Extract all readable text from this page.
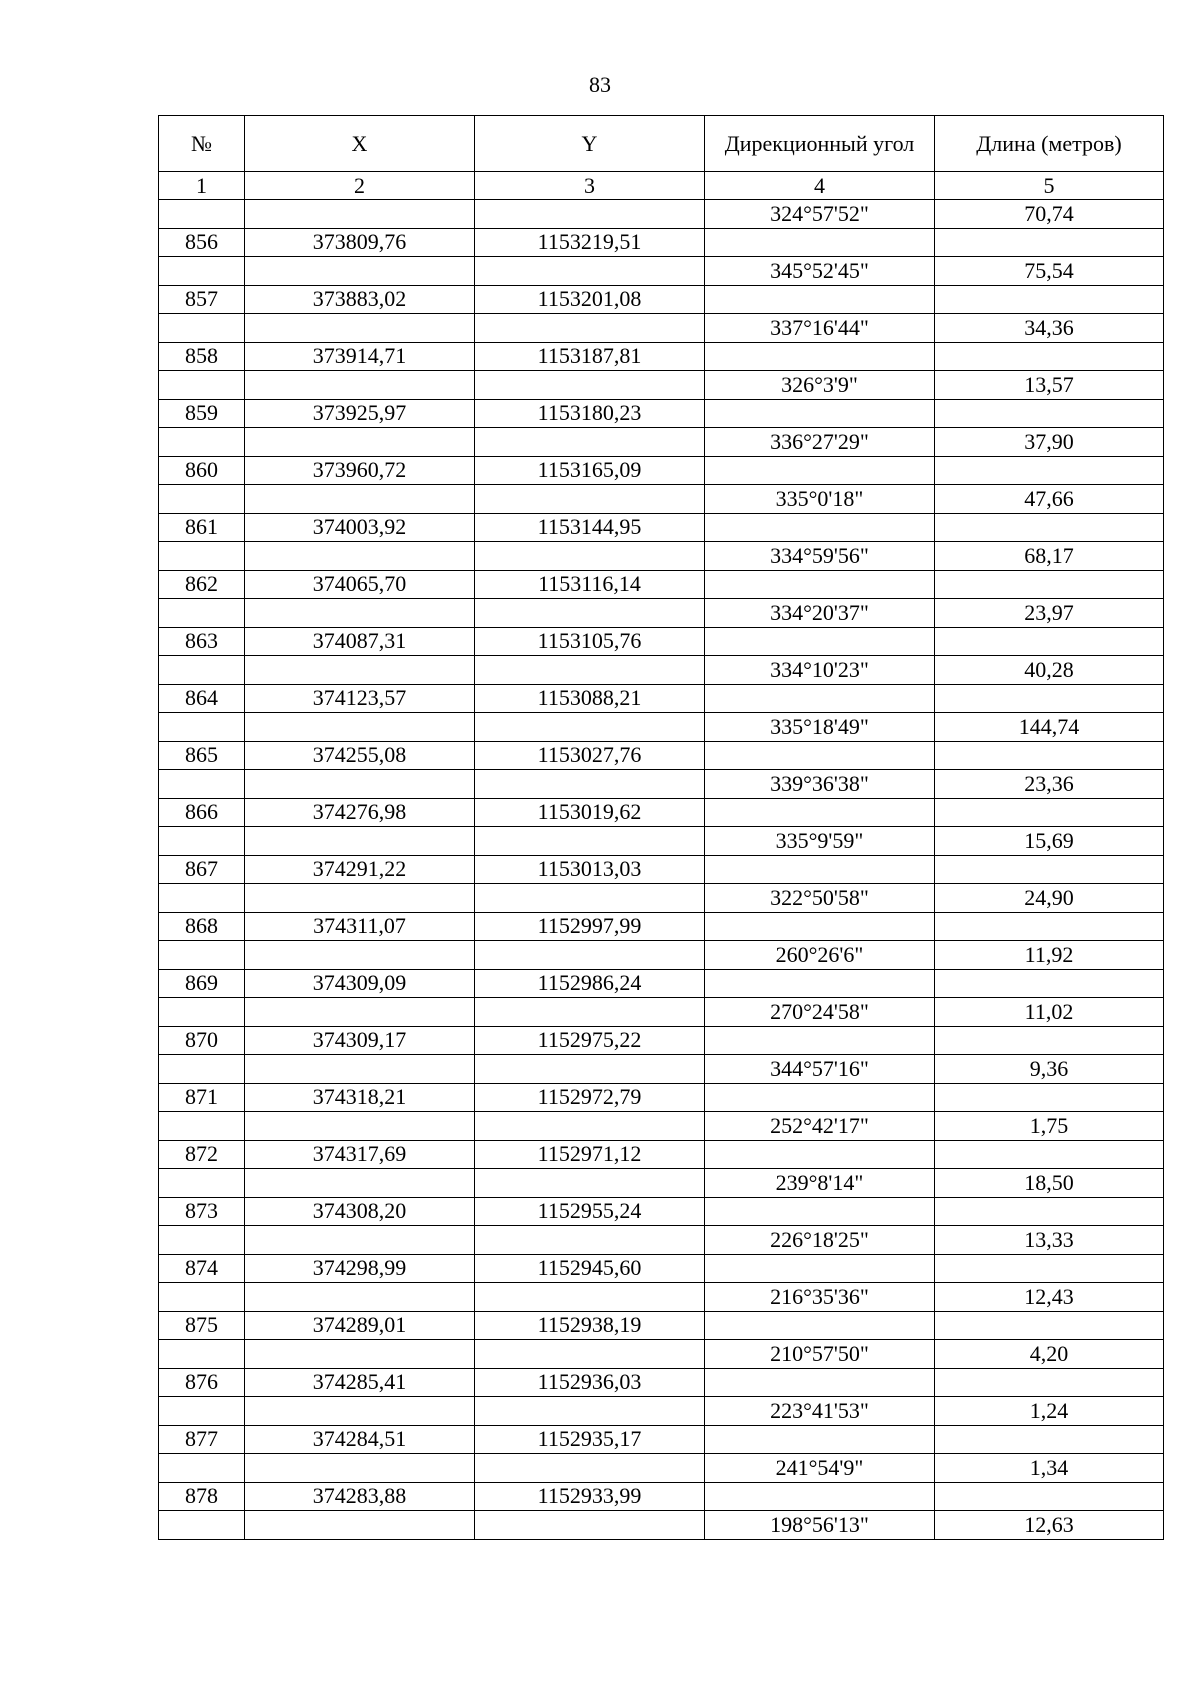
83
№	X	Y	Дирекционный угол	Длина (метров)
1	2	3	4	5
			324°57'52"	70,74
856	373809,76	1153219,51		
			345°52'45"	75,54
857	373883,02	1153201,08		
			337°16'44"	34,36
858	373914,71	1153187,81		
			326°3'9"	13,57
859	373925,97	1153180,23		
			336°27'29"	37,90
860	373960,72	1153165,09		
			335°0'18"	47,66
861	374003,92	1153144,95		
			334°59'56"	68,17
862	374065,70	1153116,14		
			334°20'37"	23,97
863	374087,31	1153105,76		
			334°10'23"	40,28
864	374123,57	1153088,21		
			335°18'49"	144,74
865	374255,08	1153027,76		
			339°36'38"	23,36
866	374276,98	1153019,62		
			335°9'59"	15,69
867	374291,22	1153013,03		
			322°50'58"	24,90
868	374311,07	1152997,99		
			260°26'6"	11,92
869	374309,09	1152986,24		
			270°24'58"	11,02
870	374309,17	1152975,22		
			344°57'16"	9,36
871	374318,21	1152972,79		
			252°42'17"	1,75
872	374317,69	1152971,12		
			239°8'14"	18,50
873	374308,20	1152955,24		
			226°18'25"	13,33
874	374298,99	1152945,60		
			216°35'36"	12,43
875	374289,01	1152938,19		
			210°57'50"	4,20
876	374285,41	1152936,03		
			223°41'53"	1,24
877	374284,51	1152935,17		
			241°54'9"	1,34
878	374283,88	1152933,99		
			198°56'13"	12,63
